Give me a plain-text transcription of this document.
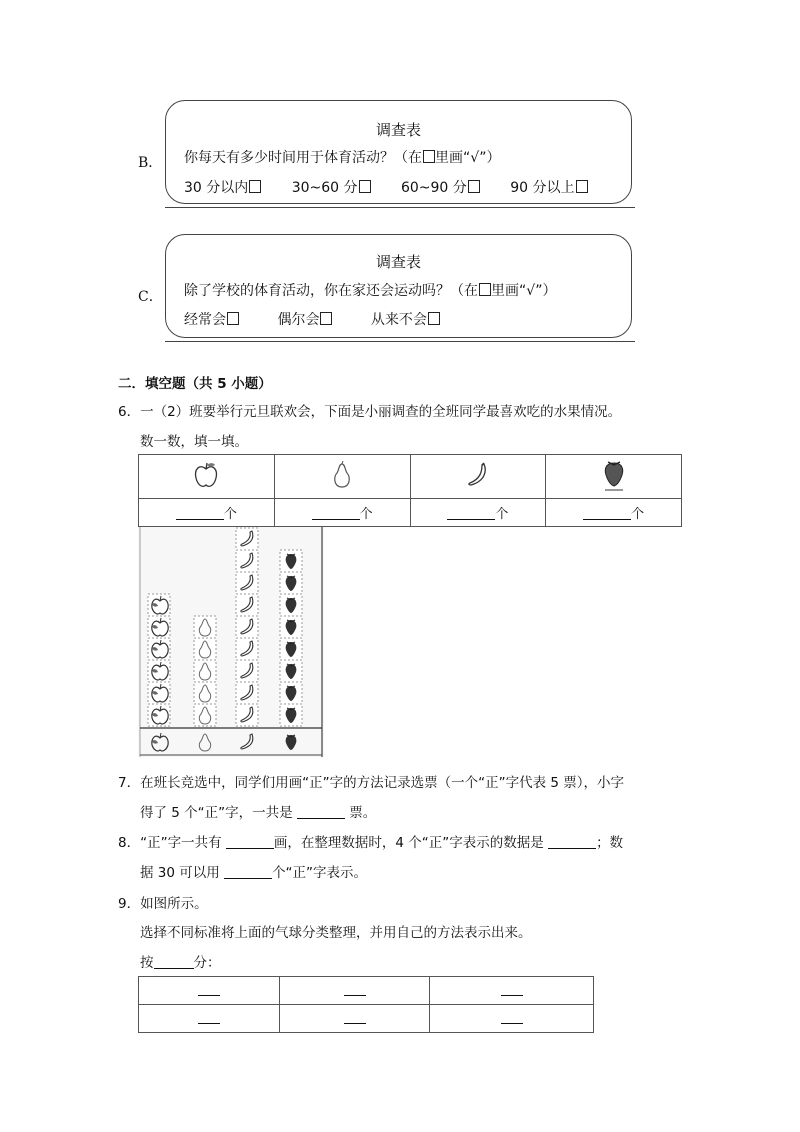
B．
调查表
你每天有多少时间用于体育活动？（在 里画“√”）
30 分以内	30~60 分	60~90 分	90 分以上
C．
调查表
除了学校的体育活动，你在家还会运动吗？（在 里画“√”）
经常会	偶尔会	从来不会
二．填空题（共 5 小题）
6．一（2）班要举行元旦联欢会，下面是小丽调查的全班同学最喜欢吃的水果情况。
数一数，填一填。

个	个	个	个
7．在班长竞选中，同学们用画“正”字的方法记录选票（一个“正”字代表 5 票），小字
得了 5 个“正”字，一共是	票。
8．“正”字一共有	画，在整理数据时，4 个“正”字表示的数据是	；数
据 30 可以用	个“正”字表示。
9．如图所示。
选择不同标准将上面的气球分类整理，并用自己的方法表示出来。
按	分：
